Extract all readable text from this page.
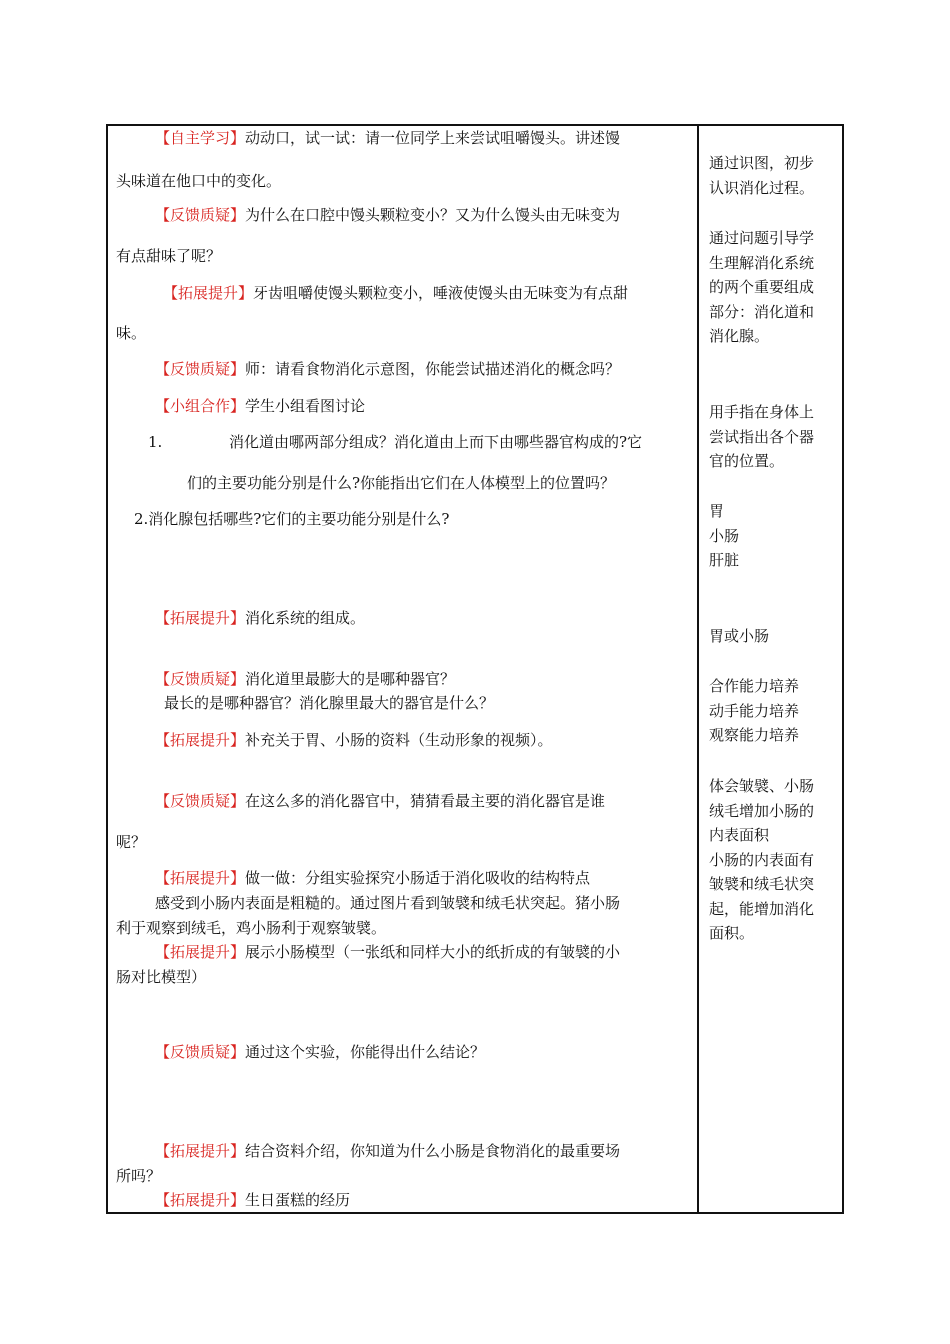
【自主学习】动动口，试一试：请一位同学上来尝试咀嚼馒头。讲述馒
头味道在他口中的变化。
【反馈质疑】为什么在口腔中馒头颗粒变小？又为什么馒头由无味变为
有点甜味了呢？
【拓展提升】牙齿咀嚼使馒头颗粒变小，唾液使馒头由无味变为有点甜
味。
【反馈质疑】师：请看食物消化示意图，你能尝试描述消化的概念吗？
【小组合作】学生小组看图讨论
1.	消化道由哪两部分组成？消化道由上而下由哪些器官构成的?它
们的主要功能分别是什么?你能指出它们在人体模型上的位置吗？
2.消化腺包括哪些?它们的主要功能分别是什么?
【拓展提升】消化系统的组成。
【反馈质疑】消化道里最膨大的是哪种器官？
最长的是哪种器官？消化腺里最大的器官是什么？
【拓展提升】补充关于胃、小肠的资料（生动形象的视频）。
【反馈质疑】在这么多的消化器官中，猜猜看最主要的消化器官是谁
呢？
【拓展提升】做一做：分组实验探究小肠适于消化吸收的结构特点
感受到小肠内表面是粗糙的。通过图片看到皱襞和绒毛状突起。猪小肠
利于观察到绒毛，鸡小肠利于观察皱襞。
【拓展提升】展示小肠模型（一张纸和同样大小的纸折成的有皱襞的小
肠对比模型）
【反馈质疑】通过这个实验，你能得出什么结论？
【拓展提升】结合资料介绍，你知道为什么小肠是食物消化的最重要场
所吗？
【拓展提升】生日蛋糕的经历
通过识图，初步
认识消化过程。
通过问题引导学
生理解消化系统
的两个重要组成
部分：消化道和
消化腺。
用手指在身体上
尝试指出各个器
官的位置。
胃
小肠
肝脏
胃或小肠
合作能力培养
动手能力培养
观察能力培养
体会皱襞、小肠
绒毛增加小肠的
内表面积
小肠的内表面有
皱襞和绒毛状突
起，能增加消化
面积。
